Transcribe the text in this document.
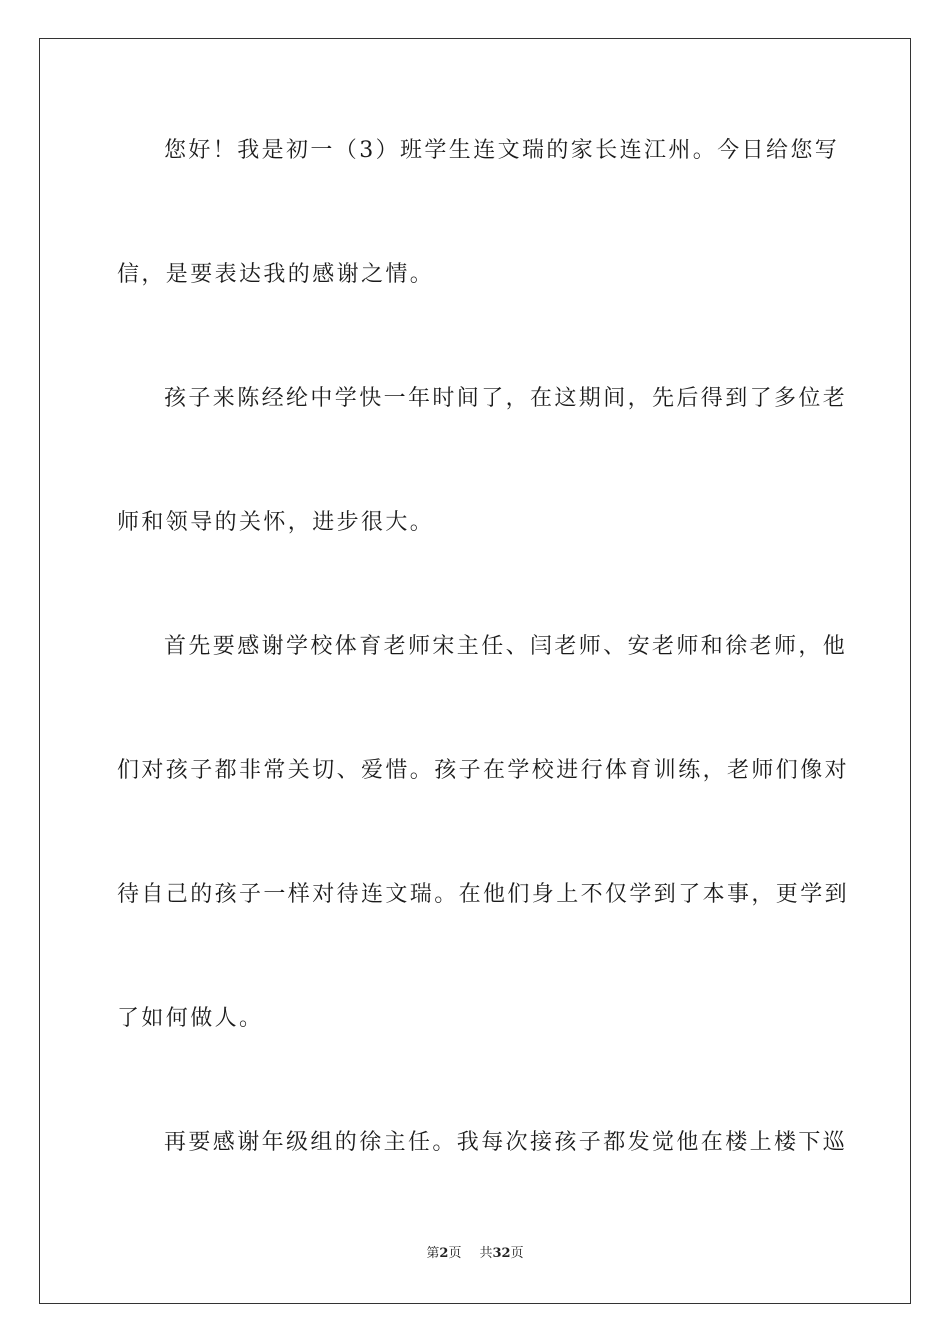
您好！我是初一（3）班学生连文瑞的家长连江州。今日给您写
信，是要表达我的感谢之情。
孩子来陈经纶中学快一年时间了，在这期间，先后得到了多位老
师和领导的关怀，进步很大。
首先要感谢学校体育老师宋主任、闫老师、安老师和徐老师，他
们对孩子都非常关切、爱惜。孩子在学校进行体育训练，老师们像对
待自己的孩子一样对待连文瑞。在他们身上不仅学到了本事，更学到
了如何做人。
再要感谢年级组的徐主任。我每次接孩子都发觉他在楼上楼下巡
第2页 共32页
